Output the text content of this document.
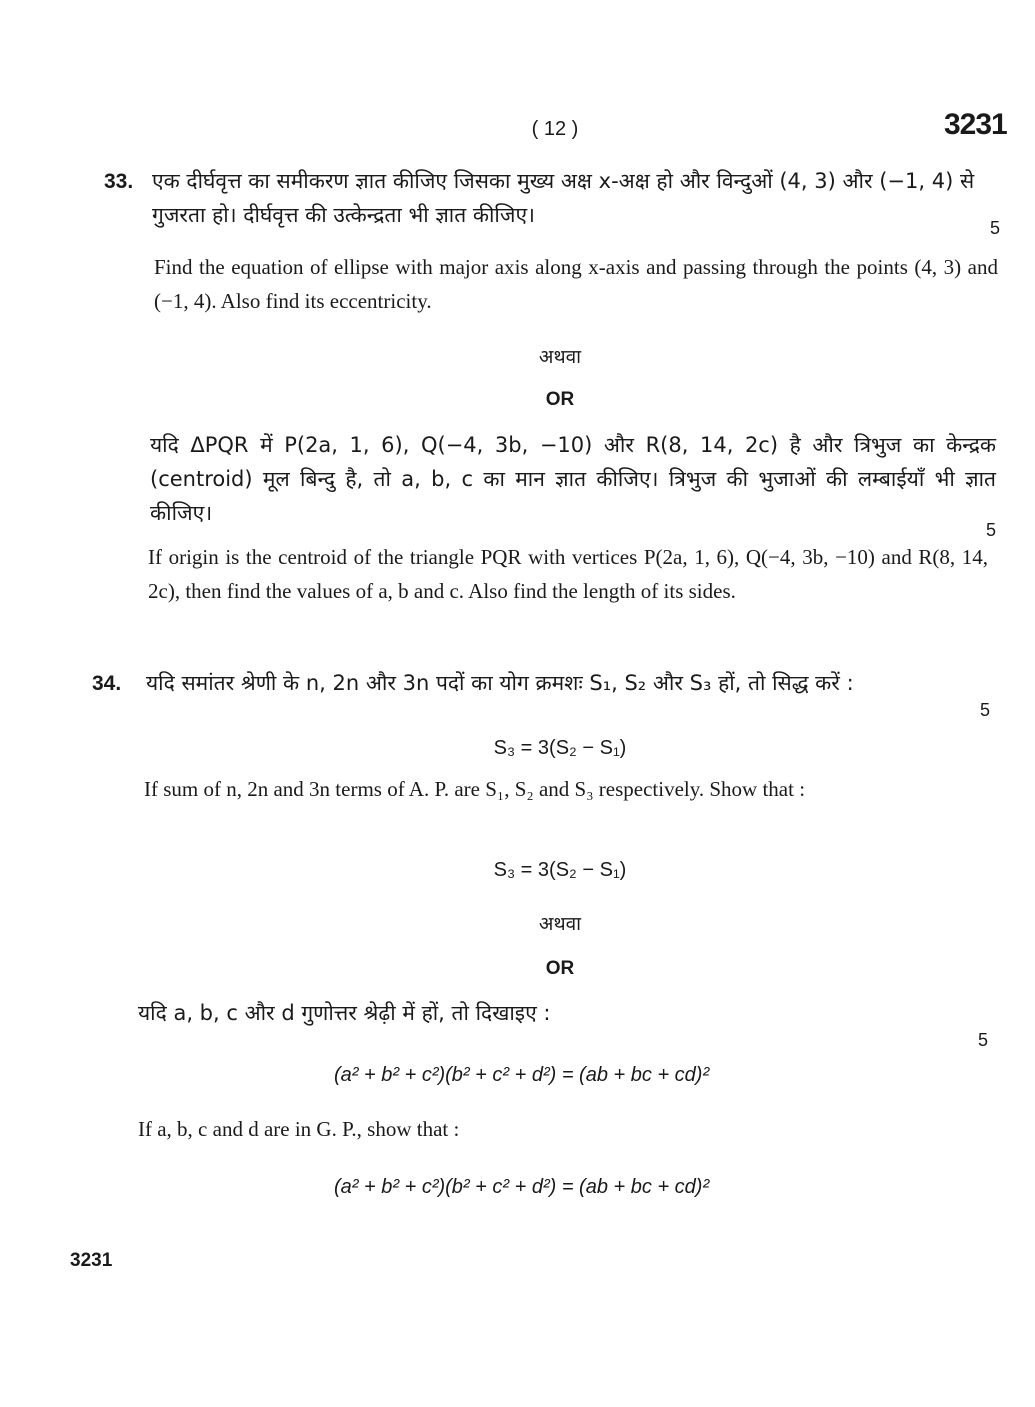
( 12 )	3231
33. एक दीर्घवृत्त का समीकरण ज्ञात कीजिए जिसका मुख्य अक्ष x-अक्ष हो और विन्दुओं (4, 3) और (−1, 4) से गुजरता हो। दीर्घवृत्त की उत्केन्द्रता भी ज्ञात कीजिए।
5
Find the equation of ellipse with major axis along x-axis and passing through the points (4, 3) and (−1, 4). Also find its eccentricity.
अथवा
OR
यदि ΔPQR में P(2a, 1, 6), Q(−4, 3b, −10) और R(8, 14, 2c) है और त्रिभुज का केन्द्रक (centroid) मूल बिन्दु है, तो a, b, c का मान ज्ञात कीजिए। त्रिभुज की भुजाओं की लम्बाईयाँ भी ज्ञात कीजिए।
5
If origin is the centroid of the triangle PQR with vertices P(2a, 1, 6), Q(−4, 3b, −10) and R(8, 14, 2c), then find the values of a, b and c. Also find the length of its sides.
34. यदि समांतर श्रेणी के n, 2n और 3n पदों का योग क्रमशः S₁, S₂ और S₃ हों, तो सिद्ध करें :
5
S₃ = 3(S₂ − S₁)
If sum of n, 2n and 3n terms of A. P. are S₁, S₂ and S₃ respectively. Show that :
S₃ = 3(S₂ − S₁)
अथवा
OR
यदि a, b, c और d गुणोत्तर श्रेढ़ी में हों, तो दिखाइए :
5
(a² + b² + c²)(b² + c² + d²) = (ab + bc + cd)²
If a, b, c and d are in G. P., show that :
(a² + b² + c²)(b² + c² + d²) = (ab + bc + cd)²
3231
